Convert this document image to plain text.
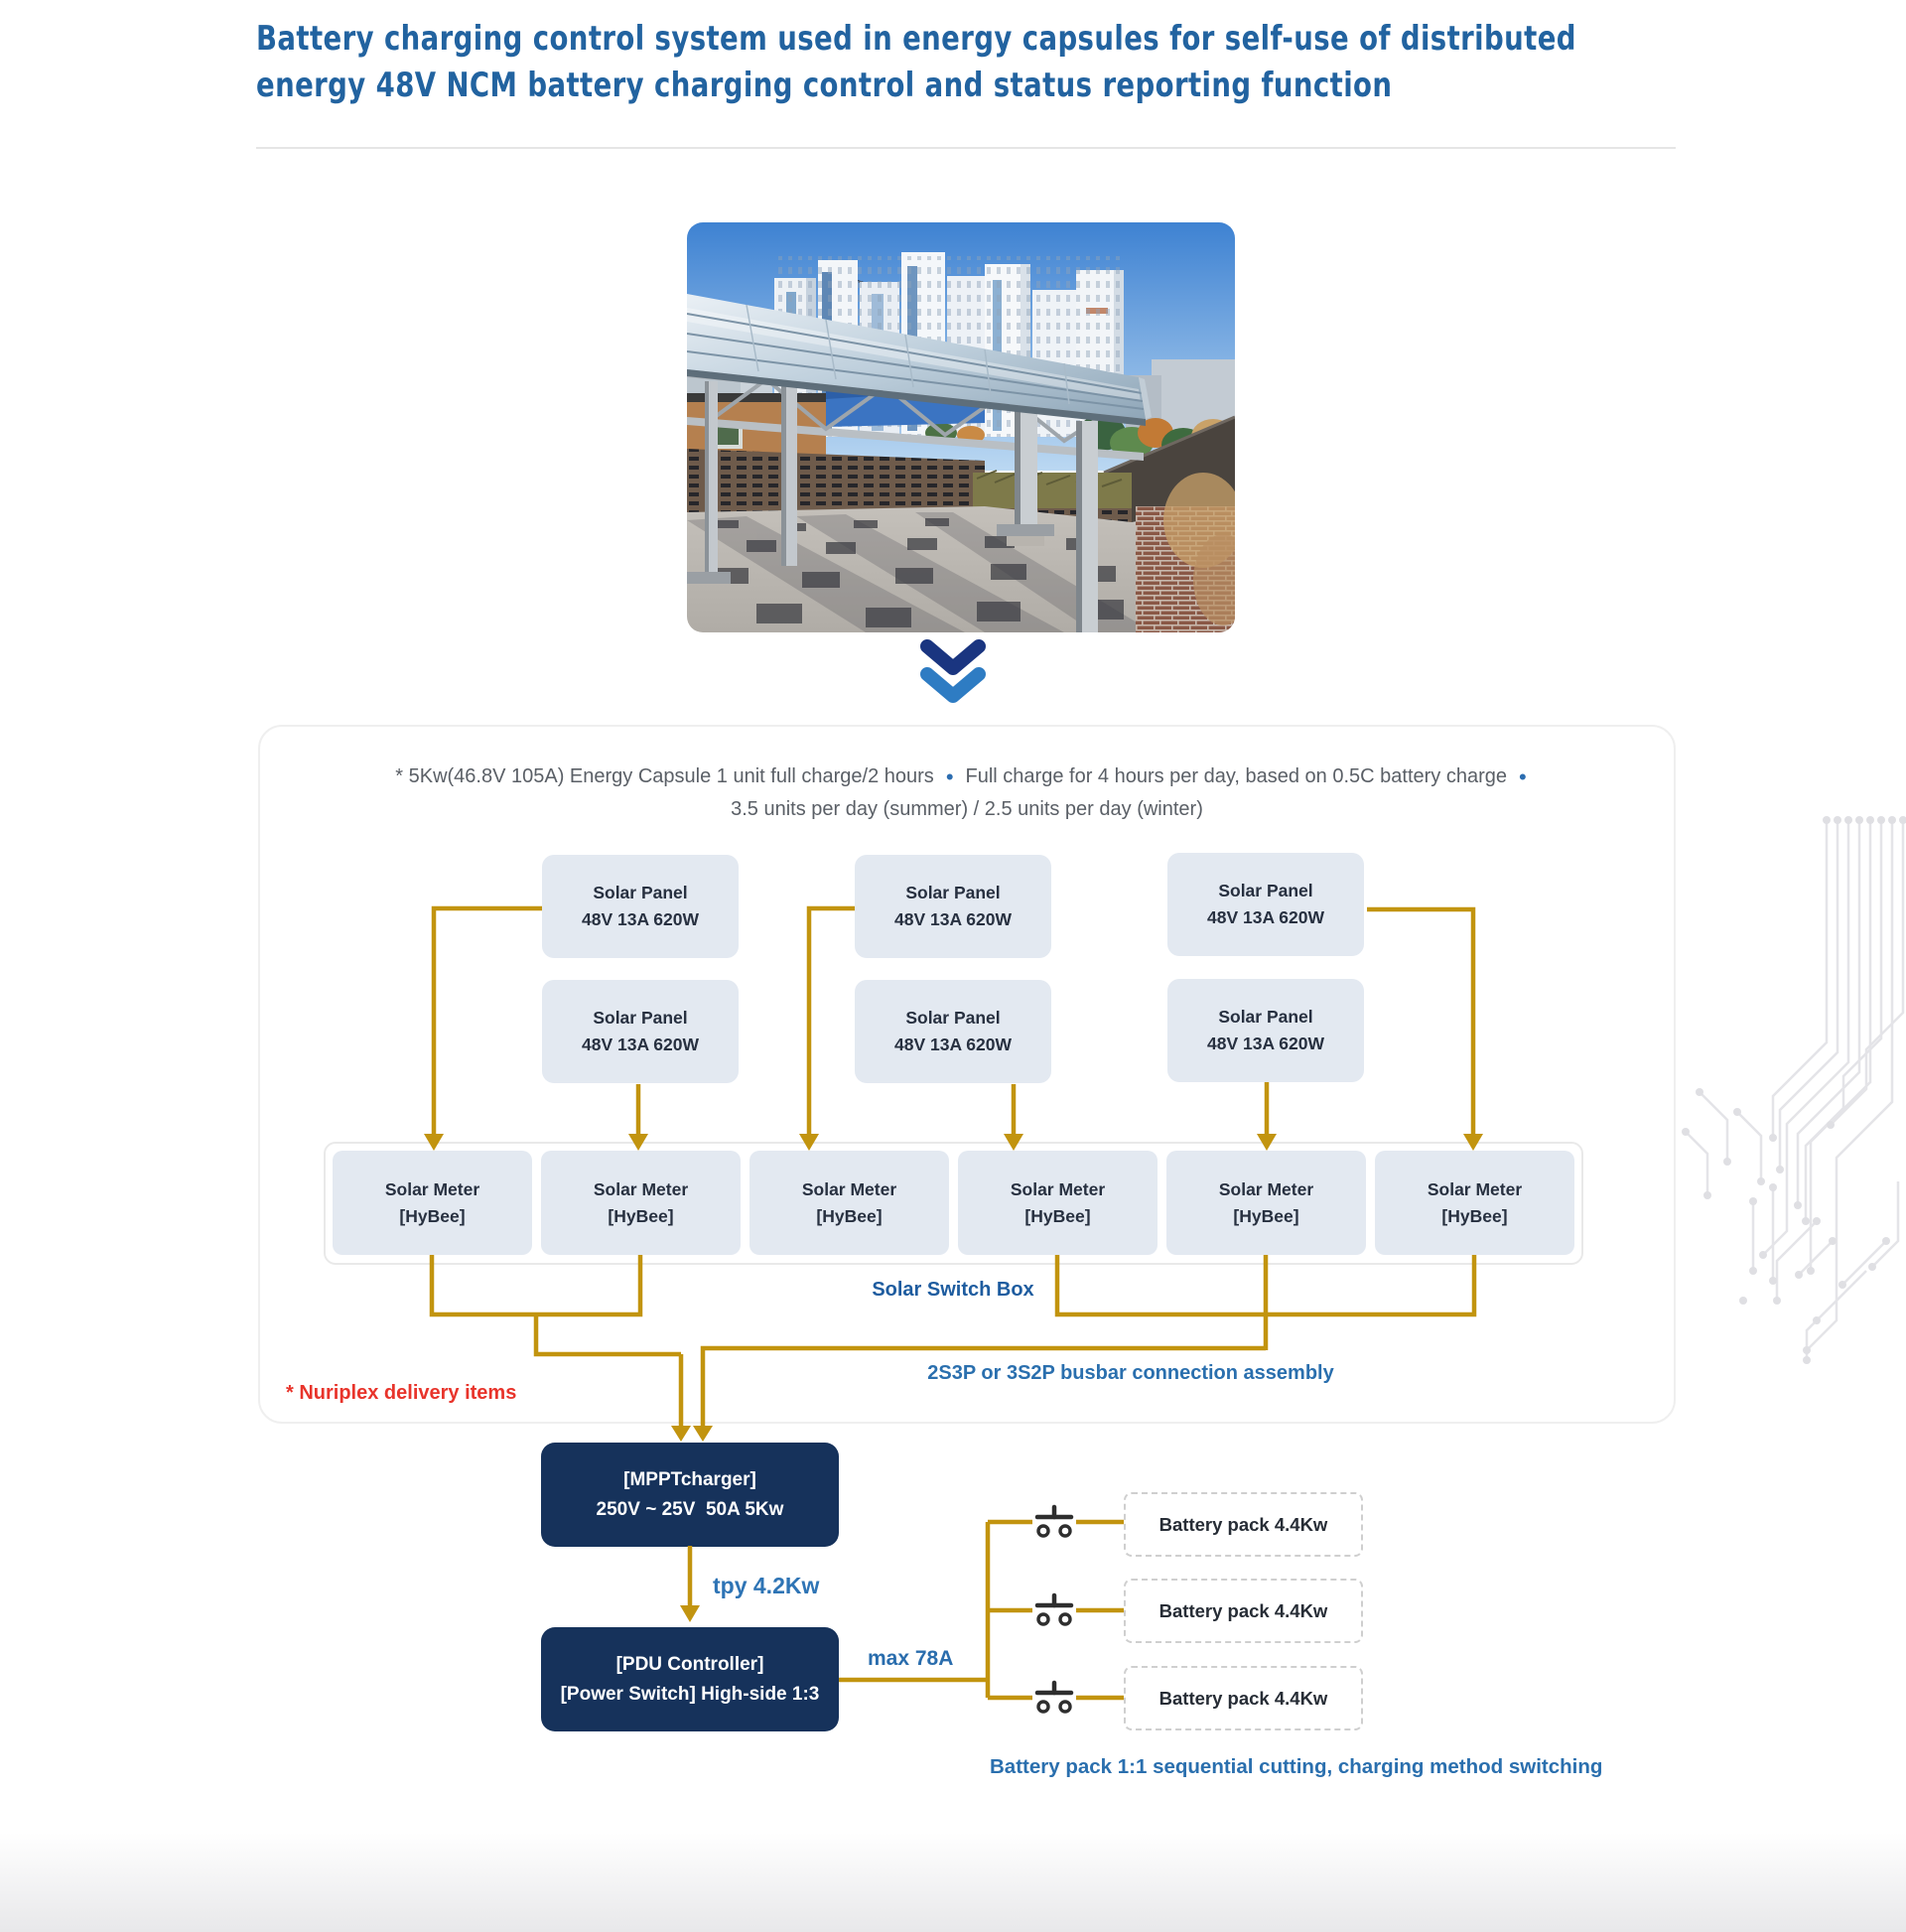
Battery charging control system used in energy capsules for self-use of distributed
energy 48V NCM battery charging control and status reporting function
* 5Kw(46.8V 105A) Energy Capsule 1 unit full charge/2 hours • Full charge for 4 hours per day, based on 0.5C battery charge •
3.5 units per day (summer) / 2.5 units per day (winter)
Solar Panel
48V 13A 620W
Solar Panel
48V 13A 620W
Solar Panel
48V 13A 620W
Solar Panel
48V 13A 620W
Solar Panel
48V 13A 620W
Solar Panel
48V 13A 620W
Solar Meter
[HyBee]
Solar Meter
[HyBee]
Solar Meter
[HyBee]
Solar Meter
[HyBee]
Solar Meter
[HyBee]
Solar Meter
[HyBee]
Solar Switch Box
2S3P or 3S2P busbar connection assembly
* Nuriplex delivery items
[MPPTcharger]
250V ~ 25V  50A 5Kw
tpy 4.2Kw
[PDU Controller]
[Power Switch] High-side 1:3
max 78A
Battery pack 4.4Kw
Battery pack 4.4Kw
Battery pack 4.4Kw
Battery pack 1:1 sequential cutting, charging method switching
